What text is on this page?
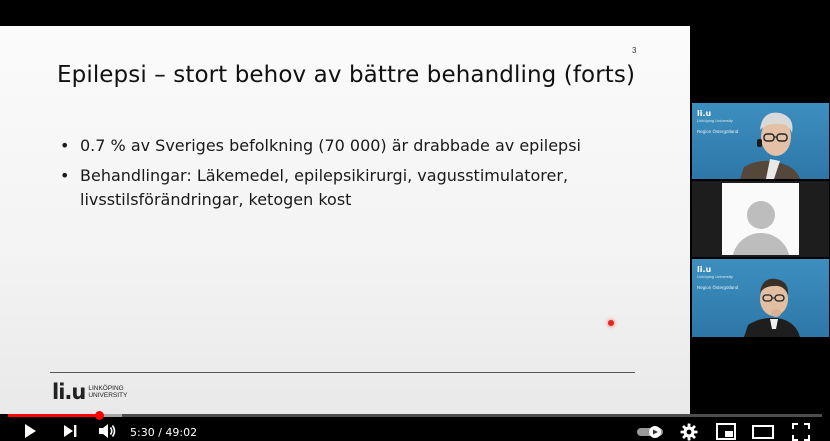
3
Epilepsi – stort behov av bättre behandling (forts)
• 0.7 % av Sveriges befolkning (70 000) är drabbade av epilepsi
• Behandlingar: Läkemedel, epilepsikirurgi, vagusstimulatorer, livsstilsförändringar, ketogen kost
li.u LINKÖPING
UNIVERSITY
li.u
Linköping University
Region Östergötland
li.u
Linköping University
Region Östergötland
5:30 / 49:02
